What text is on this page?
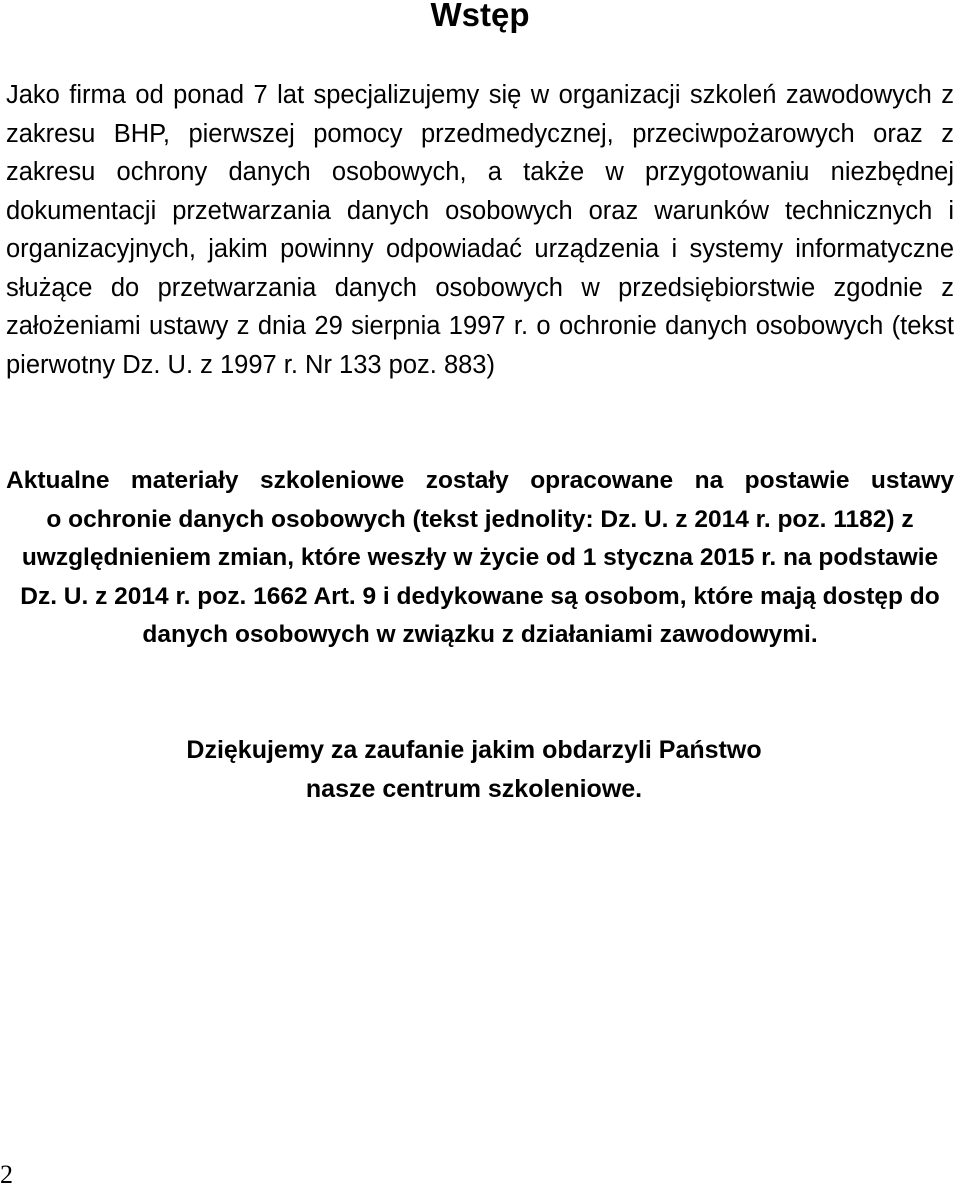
Wstęp

Jako firma od ponad 7 lat specjalizujemy się w organizacji szkoleń zawodowych z zakresu BHP, pierwszej pomocy przedmedycznej, przeciwpożarowych oraz z zakresu ochrony danych osobowych, a także w przygotowaniu niezbędnej dokumentacji przetwarzania danych osobowych oraz warunków technicznych i organizacyjnych, jakim powinny odpowiadać urządzenia i systemy informatyczne służące do przetwarzania danych osobowych w przedsiębiorstwie zgodnie z założeniami ustawy z dnia 29 sierpnia 1997 r. o ochronie danych osobowych (tekst pierwotny Dz. U. z 1997 r. Nr 133 poz. 883)

Aktualne materiały szkoleniowe zostały opracowane na postawie ustawy
o ochronie danych osobowych (tekst jednolity: Dz. U. z 2014 r. poz. 1182) z uwzględnieniem zmian, które weszły w życie od 1 styczna 2015 r. na podstawie Dz. U. z 2014 r. poz. 1662 Art. 9 i dedykowane są osobom, które mają dostęp do danych osobowych w związku z działaniami zawodowymi.

Dziękujemy za zaufanie jakim obdarzyli Państwo
nasze centrum szkoleniowe.

2
